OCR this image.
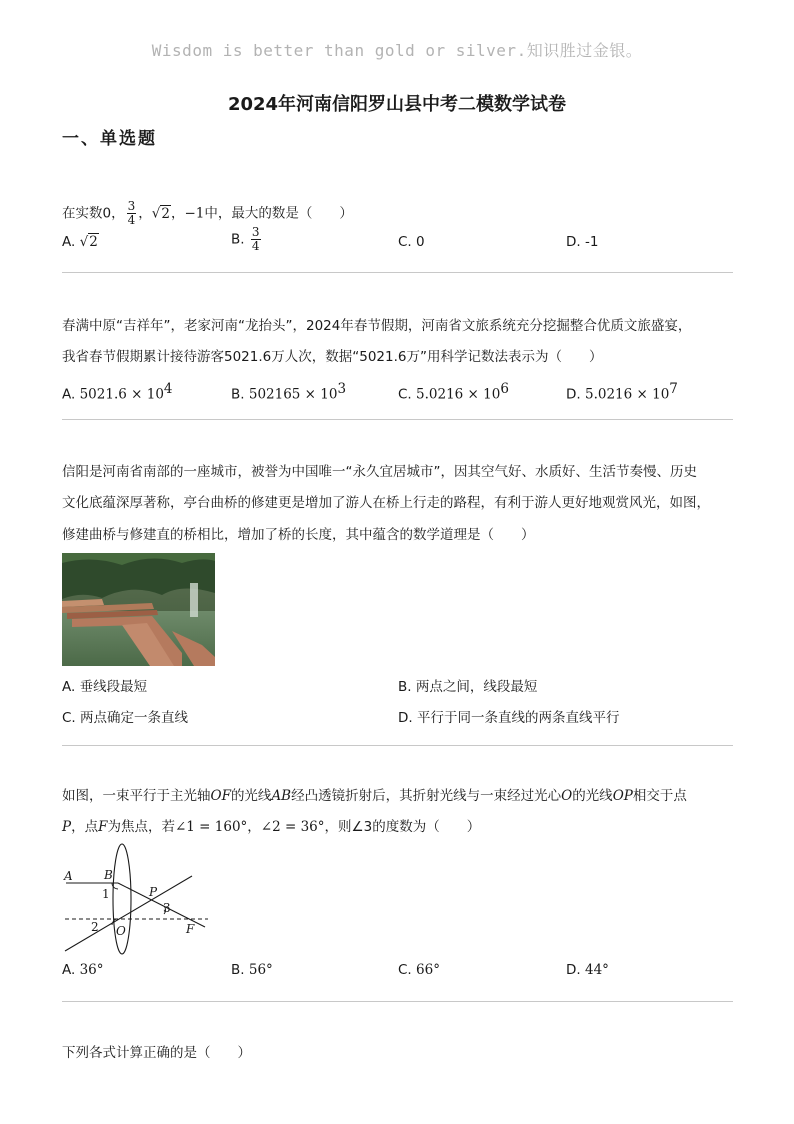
Wisdom is better than gold or silver.知识胜过金银。
2024年河南信阳罗山县中考二模数学试卷
一、单选题
在实数0， $\frac{3}{4}$ ，√2，−1中，最大的数是（　　）
A. √2	B. $\frac{3}{4}$	C. 0	D. -1
春满中原“吉祥年”，老家河南“龙抬头”，2024年春节假期，河南省文旅系统充分挖掘整合优质文旅盛宴，
我省春节假期累计接待游客5021.6万人次，数据“5021.6万”用科学记数法表示为（　　）
A. $5021.6 \times 10^4$	B. $502165 \times 10^3$	C. $5.0216 \times 10^6$	D. $5.0216 \times 10^7$
信阳是河南省南部的一座城市，被誉为中国唯一“永久宜居城市”，因其空气好、水质好、生活节奏慢、历史
文化底蕴深厚著称，亭台曲桥的修建更是增加了游人在桥上行走的路程，有利于游人更好地观赏风光，如图，
修建曲桥与修建直的桥相比，增加了桥的长度，其中蕴含的数学道理是（　　）
A. 垂线段最短	B. 两点之间，线段最短
C. 两点确定一条直线	D. 平行于同一条直线的两条直线平行
如图，一束平行于主光轴OF的光线AB经凸透镜折射后，其折射光线与一束经过光心O的光线OP相交于点
P，点F为焦点，若∠1 = 160°，∠2 = 36°，则∠3的度数为（　　）
A	B
P
1
2
3
O	F
A. 36°	B. 56°	C. 66°	D. 44°
下列各式计算正确的是（　　）
